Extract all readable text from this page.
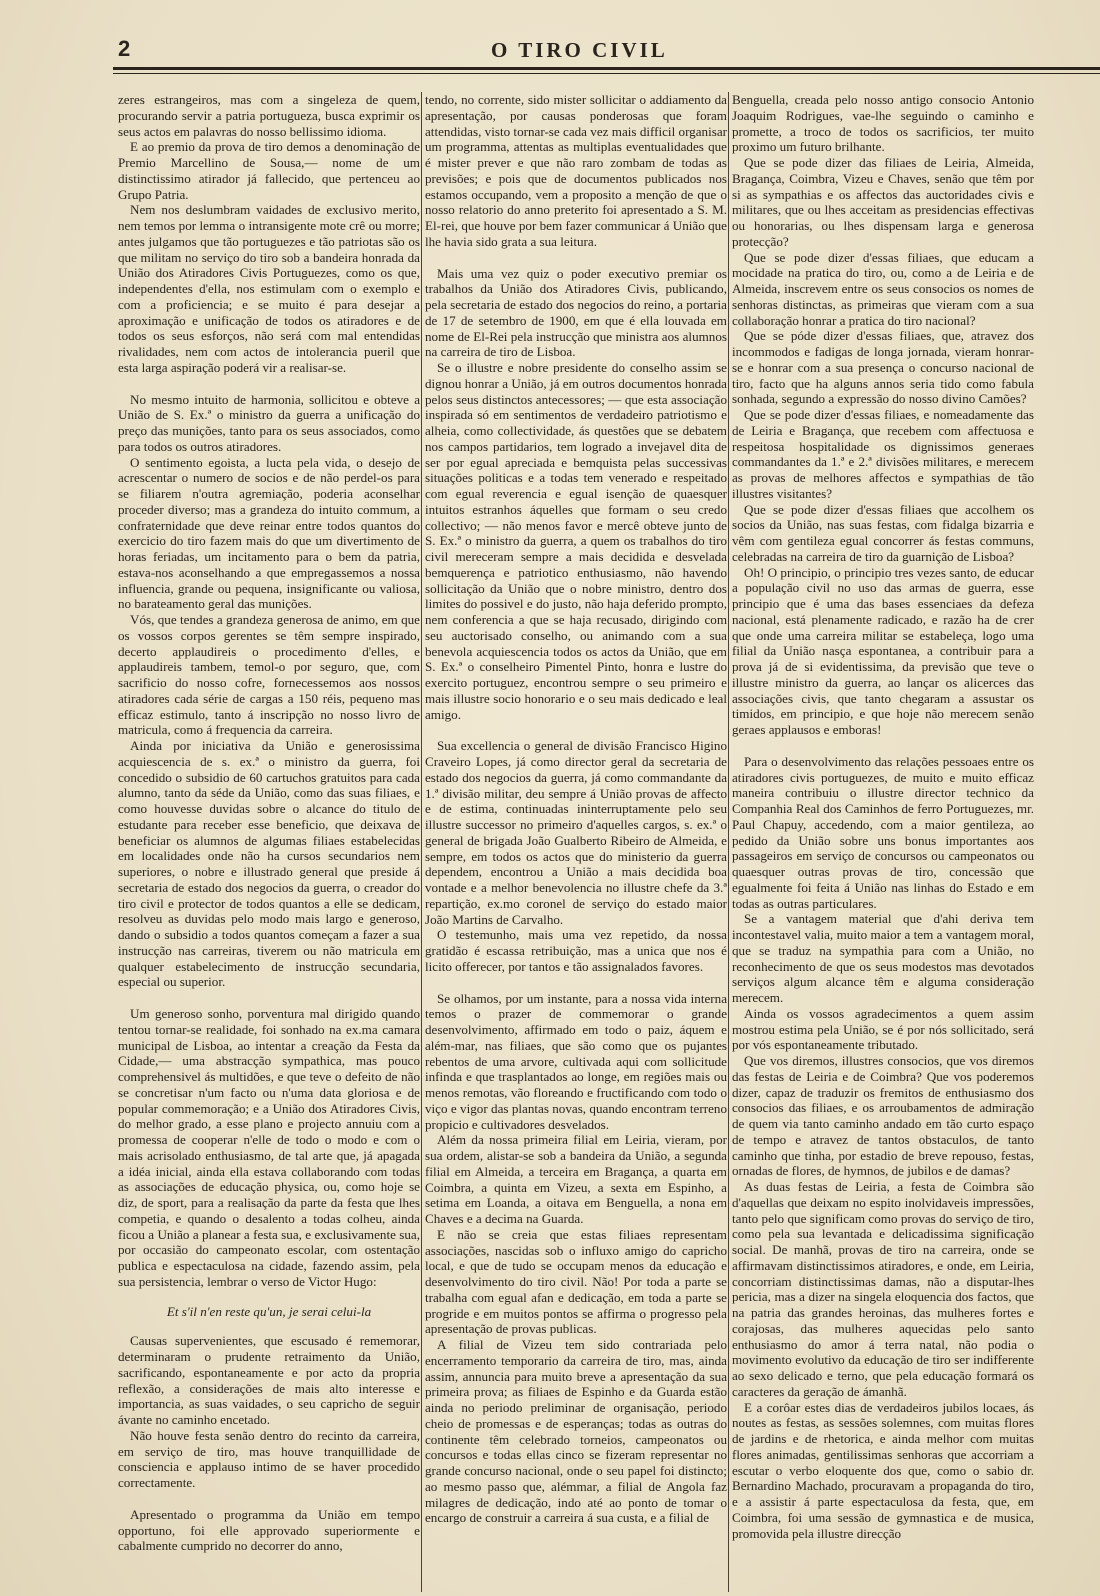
2	O TIRO CIVIL

zeres estrangeiros, mas com a singeleza de quem, procurando servir a patria portugueza, busca exprimir os seus actos em palavras do nosso bellissimo idioma.

E ao premio da prova de tiro demos a denominação de Premio Marcellino de Sousa,— nome de um distinctissimo atirador já fallecido, que pertenceu ao Grupo Patria.

Nem nos deslumbram vaidades de exclusivo merito, nem temos por lemma o intransigente mote crê ou morre; antes julgamos que tão portuguezes e tão patriotas são os que militam no serviço do tiro sob a bandeira honrada da União dos Atiradores Civis Portuguezes, como os que, independentes d'ella, nos estimulam com o exemplo e com a proficiencia; e se muito é para desejar a aproximação e unificação de todos os atiradores e de todos os seus esforços, não será com mal entendidas rivalidades, nem com actos de intolerancia pueril que esta larga aspiração poderá vir a realisar-se.

No mesmo intuito de harmonia, sollicitou e obteve a União de S. Ex.ª o ministro da guerra a unificação do preço das munições, tanto para os seus associados, como para todos os outros atiradores.

O sentimento egoista, a lucta pela vida, o desejo de acrescentar o numero de socios e de não perdel-os para se filiarem n'outra agremiação, poderia aconselhar proceder diverso; mas a grandeza do intuito commum, a confraternidade que deve reinar entre todos quantos do exercicio do tiro fazem mais do que um divertimento de horas feriadas, um incitamento para o bem da patria, estava-nos aconselhando a que empregassemos a nossa influencia, grande ou pequena, insignificante ou valiosa, no barateamento geral das munições.

Vós, que tendes a grandeza generosa de animo, em que os vossos corpos gerentes se têm sempre inspirado, decerto applaudireis o procedimento d'elles, e applaudireis tambem, temol-o por seguro, que, com sacrificio do nosso cofre, fornecessemos aos nossos atiradores cada série de cargas a 150 réis, pequeno mas efficaz estimulo, tanto á inscripção no nosso livro de matricula, como á frequencia da carreira.

Ainda por iniciativa da União e generosissima acquiescencia de s. ex.ª o ministro da guerra, foi concedido o subsidio de 60 cartuchos gratuitos para cada alumno, tanto da séde da União, como das suas filiaes, e como houvesse duvidas sobre o alcance do titulo de estudante para receber esse beneficio, que deixava de beneficiar os alumnos de algumas filiaes estabelecidas em localidades onde não ha cursos secundarios nem superiores, o nobre e illustrado general que preside á secretaria de estado dos negocios da guerra, o creador do tiro civil e protector de todos quantos a elle se dedicam, resolveu as duvidas pelo modo mais largo e generoso, dando o subsidio a todos quantos começam a fazer a sua instrucção nas carreiras, tiverem ou não matricula em qualquer estabelecimento de instrucção secundaria, especial ou superior.

Um generoso sonho, porventura mal dirigido quando tentou tornar-se realidade, foi sonhado na ex.ma camara municipal de Lisboa, ao intentar a creação da Festa da Cidade,— uma abstracção sympathica, mas pouco comprehensivel ás multidões, e que teve o defeito de não se concretisar n'um facto ou n'uma data gloriosa e de popular commemoração; e a União dos Atiradores Civis, do melhor grado, a esse plano e projecto annuiu com a promessa de cooperar n'elle de todo o modo e com o mais acrisolado enthusiasmo, de tal arte que, já apagada a idéa inicial, ainda ella estava collaborando com todas as associações de educação physica, ou, como hoje se diz, de sport, para a realisação da parte da festa que lhes competia, e quando o desalento a todas colheu, ainda ficou a União a planear a festa sua, e exclusivamente sua, por occasião do campeonato escolar, com ostentação publica e espectaculosa na cidade, fazendo assim, pela sua persistencia, lembrar o verso de Victor Hugo:

Et s'il n'en reste qu'un, je serai celui-la

Causas supervenientes, que escusado é rememorar, determinaram o prudente retraimento da União, sacrificando, espontaneamente e por acto da propria reflexão, a considerações de mais alto interesse e importancia, as suas vaidades, o seu capricho de seguir ávante no caminho encetado.

Não houve festa senão dentro do recinto da carreira, em serviço de tiro, mas houve tranquillidade de consciencia e applauso intimo de se haver procedido correctamente.

Apresentado o programma da União em tempo opportuno, foi elle approvado superiormente e cabalmente cumprido no decorrer do anno,

tendo, no corrente, sido mister sollicitar o addiamento da apresentação, por causas ponderosas que foram attendidas, visto tornar-se cada vez mais difficil organisar um programma, attentas as multiplas eventualidades que é mister prever e que não raro zombam de todas as previsões; e pois que de documentos publicados nos estamos occupando, vem a proposito a menção de que o nosso relatorio do anno preterito foi apresentado a S. M. El-rei, que houve por bem fazer communicar á União que lhe havia sido grata a sua leitura.

Mais uma vez quiz o poder executivo premiar os trabalhos da União dos Atiradores Civis, publicando, pela secretaria de estado dos negocios do reino, a portaria de 17 de setembro de 1900, em que é ella louvada em nome de El-Rei pela instrucção que ministra aos alumnos na carreira de tiro de Lisboa.

Se o illustre e nobre presidente do conselho assim se dignou honrar a União, já em outros documentos honrada pelos seus distinctos antecessores; — que esta associação inspirada só em sentimentos de verdadeiro patriotismo e alheia, como collectividade, ás questões que se debatem nos campos partidarios, tem logrado a invejavel dita de ser por egual apreciada e bemquista pelas successivas situações politicas e a todas tem venerado e respeitado com egual reverencia e egual isenção de quaesquer intuitos estranhos áquelles que formam o seu credo collectivo; — não menos favor e mercê obteve junto de S. Ex.ª o ministro da guerra, a quem os trabalhos do tiro civil mereceram sempre a mais decidida e desvelada bemquerença e patriotico enthusiasmo, não havendo sollicitação da União que o nobre ministro, dentro dos limites do possivel e do justo, não haja deferido prompto, nem conferencia a que se haja recusado, dirigindo com seu auctorisado conselho, ou animando com a sua benevola acquiescencia todos os actos da União, que em S. Ex.ª o conselheiro Pimentel Pinto, honra e lustre do exercito portuguez, encontrou sempre o seu primeiro e mais illustre socio honorario e o seu mais dedicado e leal amigo.

Sua excellencia o general de divisão Francisco Higino Craveiro Lopes, já como director geral da secretaria de estado dos negocios da guerra, já como commandante da 1.ª divisão militar, deu sempre á União provas de affecto e de estima, continuadas ininterruptamente pelo seu illustre successor no primeiro d'aquelles cargos, s. ex.ª o general de brigada João Gualberto Ribeiro de Almeida, e sempre, em todos os actos que do ministerio da guerra dependem, encontrou a União a mais decidida boa vontade e a melhor benevolencia no illustre chefe da 3.ª repartição, ex.mo coronel de serviço do estado maior João Martins de Carvalho.

O testemunho, mais uma vez repetido, da nossa gratidão é escassa retribuição, mas a unica que nos é licito offerecer, por tantos e tão assignalados favores.

Se olhamos, por um instante, para a nossa vida interna temos o prazer de commemorar o grande desenvolvimento, affirmado em todo o paiz, áquem e além-mar, nas filiaes, que são como que os pujantes rebentos de uma arvore, cultivada aqui com sollicitude infinda e que trasplantados ao longe, em regiões mais ou menos remotas, vão floreando e fructificando com todo o viço e vigor das plantas novas, quando encontram terreno propicio e cultivadores desvelados.

Além da nossa primeira filial em Leiria, vieram, por sua ordem, alistar-se sob a bandeira da União, a segunda filial em Almeida, a terceira em Bragança, a quarta em Coimbra, a quinta em Vizeu, a sexta em Espinho, a setima em Loanda, a oitava em Benguella, a nona em Chaves e a decima na Guarda.

E não se creia que estas filiaes representam associações, nascidas sob o influxo amigo do capricho local, e que de tudo se occupam menos da educação e desenvolvimento do tiro civil. Não! Por toda a parte se trabalha com egual afan e dedicação, em toda a parte se progride e em muitos pontos se affirma o progresso pela apresentação de provas publicas.

A filial de Vizeu tem sido contrariada pelo encerramento temporario da carreira de tiro, mas, ainda assim, annuncia para muito breve a apresentação da sua primeira prova; as filiaes de Espinho e da Guarda estão ainda no periodo preliminar de organisação, periodo cheio de promessas e de esperanças; todas as outras do continente têm celebrado torneios, campeonatos ou concursos e todas ellas cinco se fizeram representar no grande concurso nacional, onde o seu papel foi distincto; ao mesmo passo que, alémmar, a filial de Angola faz milagres de dedicação, indo até ao ponto de tomar o encargo de construir a carreira á sua custa, e a filial de

Benguella, creada pelo nosso antigo consocio Antonio Joaquim Rodrigues, vae-lhe seguindo o caminho e promette, a troco de todos os sacrificios, ter muito proximo um futuro brilhante.

Que se pode dizer das filiaes de Leiria, Almeida, Bragança, Coimbra, Vizeu e Chaves, senão que têm por si as sympathias e os affectos das auctoridades civis e militares, que ou lhes acceitam as presidencias effectivas ou honorarias, ou lhes dispensam larga e generosa protecção?

Que se pode dizer d'essas filiaes, que educam a mocidade na pratica do tiro, ou, como a de Leiria e de Almeida, inscrevem entre os seus consocios os nomes de senhoras distinctas, as primeiras que vieram com a sua collaboração honrar a pratica do tiro nacional?

Que se póde dizer d'essas filiaes, que, atravez dos incommodos e fadigas de longa jornada, vieram honrar-se e honrar com a sua presença o concurso nacional de tiro, facto que ha alguns annos seria tido como fabula sonhada, segundo a expressão do nosso divino Camões?

Que se pode dizer d'essas filiaes, e nomeadamente das de Leiria e Bragança, que recebem com affectuosa e respeitosa hospitalidade os dignissimos generaes commandantes da 1.ª e 2.ª divisões militares, e merecem as provas de melhores affectos e sympathias de tão illustres visitantes?

Que se pode dizer d'essas filiaes que accolhem os socios da União, nas suas festas, com fidalga bizarria e vêm com gentileza egual concorrer ás festas communs, celebradas na carreira de tiro da guarnição de Lisboa?

Oh! O principio, o principio tres vezes santo, de educar a população civil no uso das armas de guerra, esse principio que é uma das bases essenciaes da defeza nacional, está plenamente radicado, e razão ha de crer que onde uma carreira militar se estabeleça, logo uma filial da União nasça espontanea, a contribuir para a prova já de si evidentissima, da previsão que teve o illustre ministro da guerra, ao lançar os alicerces das associações civis, que tanto chegaram a assustar os timidos, em principio, e que hoje não merecem senão geraes applausos e emboras!

Para o desenvolvimento das relações pessoaes entre os atiradores civis portuguezes, de muito e muito efficaz maneira contribuiu o illustre director technico da Companhia Real dos Caminhos de ferro Portuguezes, mr. Paul Chapuy, accedendo, com a maior gentileza, ao pedido da União sobre uns bonus importantes aos passageiros em serviço de concursos ou campeonatos ou quaesquer outras provas de tiro, concessão que egualmente foi feita á União nas linhas do Estado e em todas as outras particulares.

Se a vantagem material que d'ahi deriva tem incontestavel valia, muito maior a tem a vantagem moral, que se traduz na sympathia para com a União, no reconhecimento de que os seus modestos mas devotados serviços algum alcance têm e alguma consideração merecem.

Ainda os vossos agradecimentos a quem assim mostrou estima pela União, se é por nós sollicitado, será por vós espontaneamente tributado.

Que vos diremos, illustres consocios, que vos diremos das festas de Leiria e de Coimbra? Que vos poderemos dizer, capaz de traduzir os fremitos de enthusiasmo dos consocios das filiaes, e os arroubamentos de admiração de quem via tanto caminho andado em tão curto espaço de tempo e atravez de tantos obstaculos, de tanto caminho que tinha, por estadio de breve repouso, festas, ornadas de flores, de hymnos, de jubilos e de damas?

As duas festas de Leiria, a festa de Coimbra são d'aquellas que deixam no espito inolvidaveis impressões, tanto pelo que significam como provas do serviço de tiro, como pela sua levantada e delicadissima significação social. De manhã, provas de tiro na carreira, onde se affirmavam distinctissimos atiradores, e onde, em Leiria, concorriam distinctissimas damas, não a disputar-lhes pericia, mas a dizer na singela eloquencia dos factos, que na patria das grandes heroinas, das mulheres fortes e corajosas, das mulheres aquecidas pelo santo enthusiasmo do amor á terra natal, não podia o movimento evolutivo da educação de tiro ser indifferente ao sexo delicado e terno, que pela educação formará os caracteres da geração de ámanhã.

E a corôar estes dias de verdadeiros jubilos locaes, ás noutes as festas, as sessões solemnes, com muitas flores de jardins e de rhetorica, e ainda melhor com muitas flores animadas, gentilissimas senhoras que accorriam a escutar o verbo eloquente dos que, como o sabio dr. Bernardino Machado, procuravam a propaganda do tiro, e a assistir á parte espectaculosa da festa, que, em Coimbra, foi uma sessão de gymnastica e de musica, promovida pela illustre direcção
